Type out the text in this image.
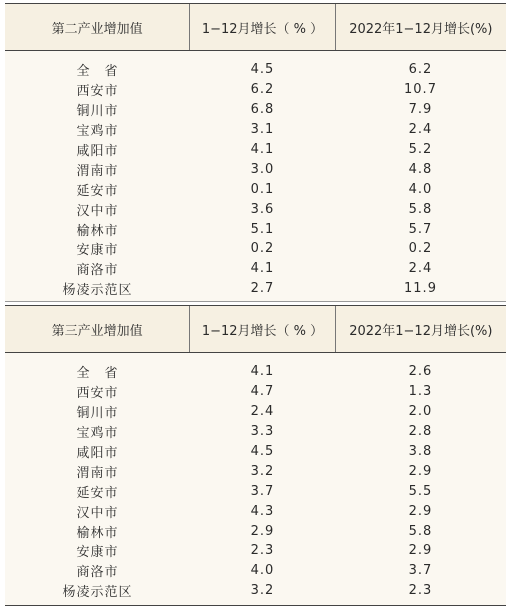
第二产业增加值	1−12月增长（ % ）	2022年1−12月增长(%)
全　省	4.5	6.2
西安市	6.2	10.7
铜川市	6.8	7.9
宝鸡市	3.1	2.4
咸阳市	4.1	5.2
渭南市	3.0	4.8
延安市	0.1	4.0
汉中市	3.6	5.8
榆林市	5.1	5.7
安康市	0.2	0.2
商洛市	4.1	2.4
杨凌示范区	2.7	11.9
第三产业增加值	1−12月增长（ % ）	2022年1−12月增长(%)
全　省	4.1	2.6
西安市	4.7	1.3
铜川市	2.4	2.0
宝鸡市	3.3	2.8
咸阳市	4.5	3.8
渭南市	3.2	2.9
延安市	3.7	5.5
汉中市	4.3	2.9
榆林市	2.9	5.8
安康市	2.3	2.9
商洛市	4.0	3.7
杨凌示范区	3.2	2.3
